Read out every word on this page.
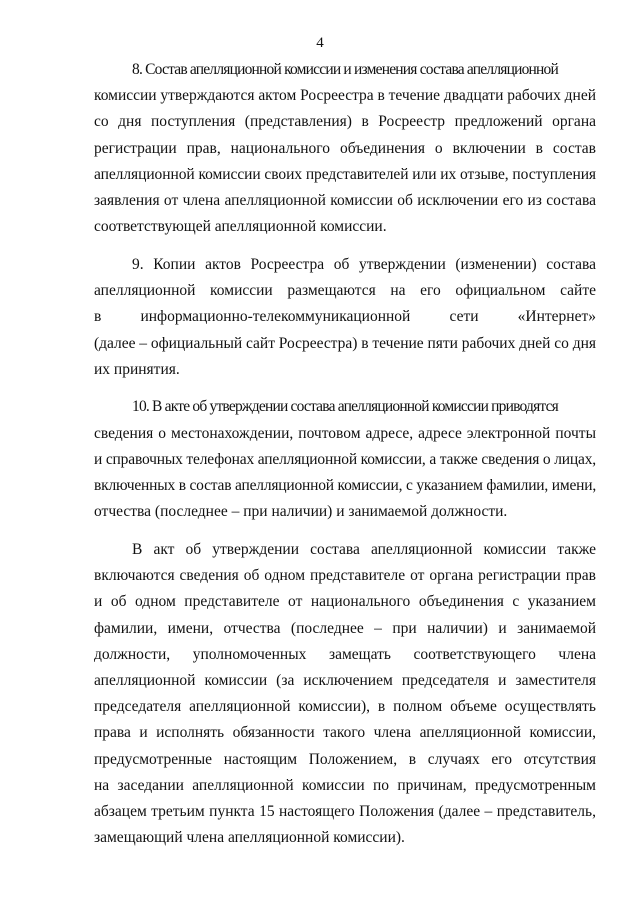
4

8. Состав апелляционной комиссии и изменения состава апелляционной
комиссии утверждаются актом Росреестра в течение двадцати рабочих дней
со дня поступления (представления) в Росреестр предложений органа
регистрации прав, национального объединения о включении в состав
апелляционной комиссии своих представителей или их отзыве, поступления
заявления от члена апелляционной комиссии об исключении его из состава
соответствующей апелляционной комиссии.

9. Копии актов Росреестра об утверждении (изменении) состава
апелляционной комиссии размещаются на его официальном сайте
в информационно-телекоммуникационной сети «Интернет»
(далее – официальный сайт Росреестра) в течение пяти рабочих дней со дня
их принятия.

10. В акте об утверждении состава апелляционной комиссии приводятся
сведения о местонахождении, почтовом адресе, адресе электронной почты
и справочных телефонах апелляционной комиссии, а также сведения о лицах,
включенных в состав апелляционной комиссии, с указанием фамилии, имени,
отчества (последнее – при наличии) и занимаемой должности.

В акт об утверждении состава апелляционной комиссии также
включаются сведения об одном представителе от органа регистрации прав
и об одном представителе от национального объединения с указанием
фамилии, имени, отчества (последнее – при наличии) и занимаемой
должности, уполномоченных замещать соответствующего члена
апелляционной комиссии (за исключением председателя и заместителя
председателя апелляционной комиссии), в полном объеме осуществлять
права и исполнять обязанности такого члена апелляционной комиссии,
предусмотренные настоящим Положением, в случаях его отсутствия
на заседании апелляционной комиссии по причинам, предусмотренным
абзацем третьим пункта 15 настоящего Положения (далее – представитель,
замещающий члена апелляционной комиссии).
